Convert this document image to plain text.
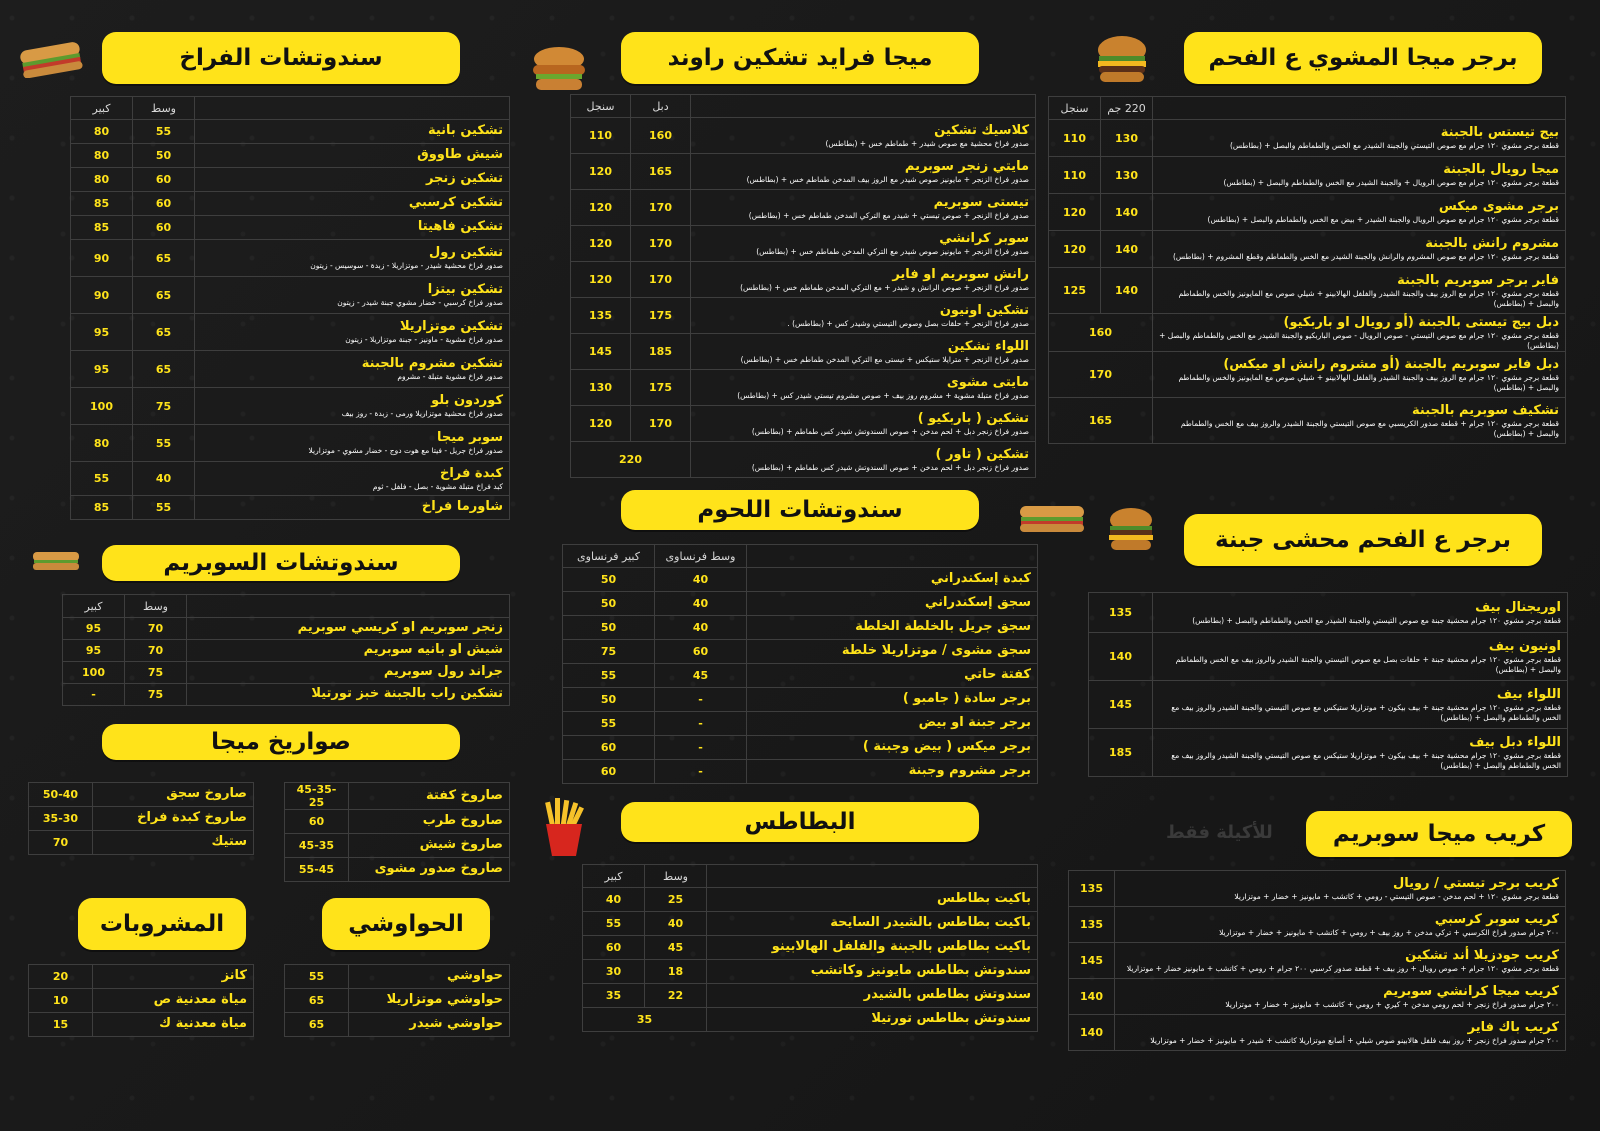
برجر ميجا المشوي ع الفحم
ميجا فرايد تشكين راوند
سندوتشات الفراخ
سندوتشات السوبريم
صواريخ ميجا
الحواوشي
المشروبات
سندوتشات اللحوم
البطاطس
برجر ع الفحم محشى جبنة
كريب ميجا سوبريم
للأكيلة فقط
	220 جم	سنجل
بيج تيستس بالجبنة
قطعة برجر مشوي ١٢٠ جرام مع صوص التيستي والجبنة الشيدر مع الخس والطماطم والبصل + (بطاطس)	130	110
ميجا رويال بالجبنة
قطعة برجر مشوي ١٢٠ جرام مع صوص الرويال + والجبنة الشيدر مع الخس والطماطم والبصل + (بطاطس)	130	110
برجر مشوى ميكس
قطعة برجر مشوي ١٢٠ جرام مع صوص الرويال والجبنة الشيدر + بيض مع الخس والطماطم والبصل + (بطاطس)	140	120
مشروم رانش بالجبنة
قطعة برجر مشوي ١٢٠ جرام مع صوص المشروم والرانش والجبنة الشيدر مع الخس والطماطم وقطع المشروم + (بطاطس)	140	120
فاير برجر سوبريم بالجبنة
قطعة برجر مشوي ١٢٠ جرام مع الروز بيف والجبنة الشيدر والفلفل الهالابينو + شيلي صوص مع المايونيز والخس والطماطم والبصل + (بطاطس)	140	125
دبل بيج تيستى بالجبنة (أو رويال او باربكيو)
قطعة برجر مشوي ١٢٠ جرام مع صوص التيستي - صوص الرويال - صوص الباربكيو والجبنة الشيدر مع الخس والطماطم والبصل + (بطاطس)	160	
دبل فاير سوبريم بالجبنة (أو مشروم رانش او ميكس)
قطعة برجر مشوي ١٢٠ جرام مع الروز بيف والجبنة الشيدر والفلفل الهالابينو + شيلي صوص مع المايونيز والخس والطماطم والبصل + (بطاطس)	170	
تشكيف سوبريم بالجبنة
قطعة برجر مشوي ١٢٠ جرام + قطعة صدور الكريسبي مع صوص التيستي والجبنة الشيدر والروز بيف مع الخس والطماطم والبصل + (بطاطس)	165	
	دبل	سنجل
كلاسيك تشكين
صدور فراخ محشية مع صوص شيدر + طماطم خس + (بطاطس)	160	110
مايتي زنجر سوبريم
صدور فراخ الزنجر + مايونيز صوص شيدر مع الروز بيف المدخن طماطم خس + (بطاطس)	165	120
تيستى سوبريم
صدور فراخ الزنجر + صوص تيستي + شيدر مع التركي المدخن طماطم خس + (بطاطس)	170	120
سوبر كرانشي
صدور فراخ الزنجر + مايونيز صوص شيدر مع التركي المدخن طماطم خس + (بطاطس)	170	120
رانش سوبريم او فاير
صدور فراخ الزنجر + صوص الرانش و شيدر + مع التركي المدخن طماطم خس + (بطاطس)	170	120
تشكين اونيون
صدور فراخ الزنجر + حلقات بصل وصوص التيستي وشيدر كس + (بطاطس) .	175	135
اللواء تشكين
صدور فراخ الزنجر + مترايلا ستيكس + تيستى مع التركي المدخن طماطم خس + (بطاطس)	185	145
مايتى مشوى
صدور فراخ متبلة مشوية + مشروم روز بيف + صوص مشروم تيستي شيدر كس + (بطاطس)	175	130
تشكين ( باربكيو )
صدور فراخ زنجر دبل + لحم مدخن + صوص السندوتش شيدر كس طماطم + (بطاطس)	170	120
تشكين ( تاور )
صدور فراخ زنجر دبل + لحم مدخن + صوص السندوتش شيدر كس طماطم + (بطاطس)	220	
	وسط	كبير
تشكين بانية	55	80
شيش طاووق	50	80
تشكين زنجر	60	80
تشكين كرسبي	60	85
تشكين فاهيتا	60	85
تشكين رول
صدور فراخ محشية شيدر - موتزاريلا - زبدة - سوسيس - زيتون	65	90
تشكين بيتزا
صدور فراخ كرسبي - خضار مشوي جبنة شيدر - زيتون	65	90
تشكين موتزاريلا
صدور فراخ مشوية - ماونيز - جبنة موتزاريلا - زيتون	65	95
تشكين مشروم بالجبنة
صدور فراخ مشوية متبلة - مشروم	65	95
كوردون بلو
صدور فراخ محشية موتزاريلا ورمى - زبدة - روز بيف	75	100
سوبر ميجا
صدور فراخ جريل - فيتا مع هوت دوج - خضار مشوي - موتزاريلا	55	80
كبدة فراخ
كبد فراخ متبلة مشوية - بصل - فلفل - ثوم	40	55
شاورما فراخ	55	85
	وسط	كبير
زنجر سوبريم او كريسي سوبريم	70	95
شيش او بانيه سوبريم	70	95
جراند رول سوبريم	75	100
تشكين راب بالجبنة خبز تورتيلا	75	-
صاروخ كفتة	45-35-25
صاروخ طرب	60
صاروخ شيش	45-35
صاروخ صدور مشوى	55-45
صاروخ سجق	50-40
صاروخ كبدة فراخ	35-30
ستيك	70
حواوشي	55
حواوشي موتزاريلا	65
حواوشي شيدر	65
كانز	20
مياة معدنية ص	10
مياة معدنية ك	15
	وسط فرنساوى	كبير فرنساوى
كبدة إسكندراني	40	50
سجق إسكندراني	40	50
سجق جريل بالخلطة الخلطة	40	50
سجق مشوى / موتزاريلا خلطة	60	75
كفتة حاتي	45	55
برجر سادة ( جامبو )	-	50
برجر جبنة او بيض	-	55
برجر ميكس ( بيض وجبنة )	-	60
برجر مشروم وجبنة	-	60
	وسط	كبير
باكيت بطاطس	25	40
باكيت بطاطس بالشيدر السايحة	40	55
باكيت بطاطس بالجبنة والفلفل الهالابينو	45	60
سندوتش بطاطس مايونيز وكاتشب	18	30
سندوتش بطاطس بالشيدر	22	35
سندوتش بطاطس تورتيلا	35	
اوريجنال بيف
قطعة برجر مشوي ١٢٠ جرام محشية جبنة مع صوص التيستي والجبنة الشيدر مع الخس والطماطم والبصل + (بطاطس)	135
اونيون بيف
قطعة برجر مشوي ١٢٠ جرام محشية جبنة + حلقات بصل مع صوص التيستي والجبنة الشيدر والروز بيف مع الخس والطماطم والبصل + (بطاطس)	140
اللواء بيف
قطعة برجر مشوي ١٢٠ جرام محشية جبنة + بيف بيكون + موتزاريلا ستيكس مع صوص التيستي والجبنة الشيدر والروز بيف مع الخس والطماطم والبصل + (بطاطس)	145
اللواء دبل بيف
قطعة برجر مشوي ١٢٠ جرام محشية جبنة + بيف بيكون + موتزاريلا ستيكس مع صوص التيستي والجبنة الشيدر والروز بيف مع الخس والطماطم والبصل + (بطاطس)	185
كريب برجر تيستي / رويال
قطعة برجر مشوي ١٢٠ + لحم مدخن - صوص التيستي - رومي + كاتشب + مايونيز + خضار + موتزاريلا	135
كريب سوبر كرسبي
٢٠٠ جرام صدور فراخ الكرسبي + تركي مدخن + روز بيف + رومي + كاتشب + مايونيز + خضار + موتزاريلا	135
كريب جودزيلا أند تشكين
قطعة برجر مشوي ١٢٠ جرام + صوص رويال + روز بيف + قطعة صدور كرسبي ٢٠٠ جرام + رومي + كاتشب + مايونيز خضار + موتزاريلا	145
كريب ميجا كرانشي سوبريم
٢٠٠ جرام صدور فراخ زنجر + لحم رومي مدخن + كيري + رومي + كاتشب + مايونيز + خضار + موتزاريلا	140
كريب باك فاير
٢٠٠ جرام صدور فراخ زنجر + روز بيف فلفل هالابينو صوص شيلي + أصابع موتزاريلا كاتشب + شيدر + مايونيز + خضار + موتزاريلا	140
